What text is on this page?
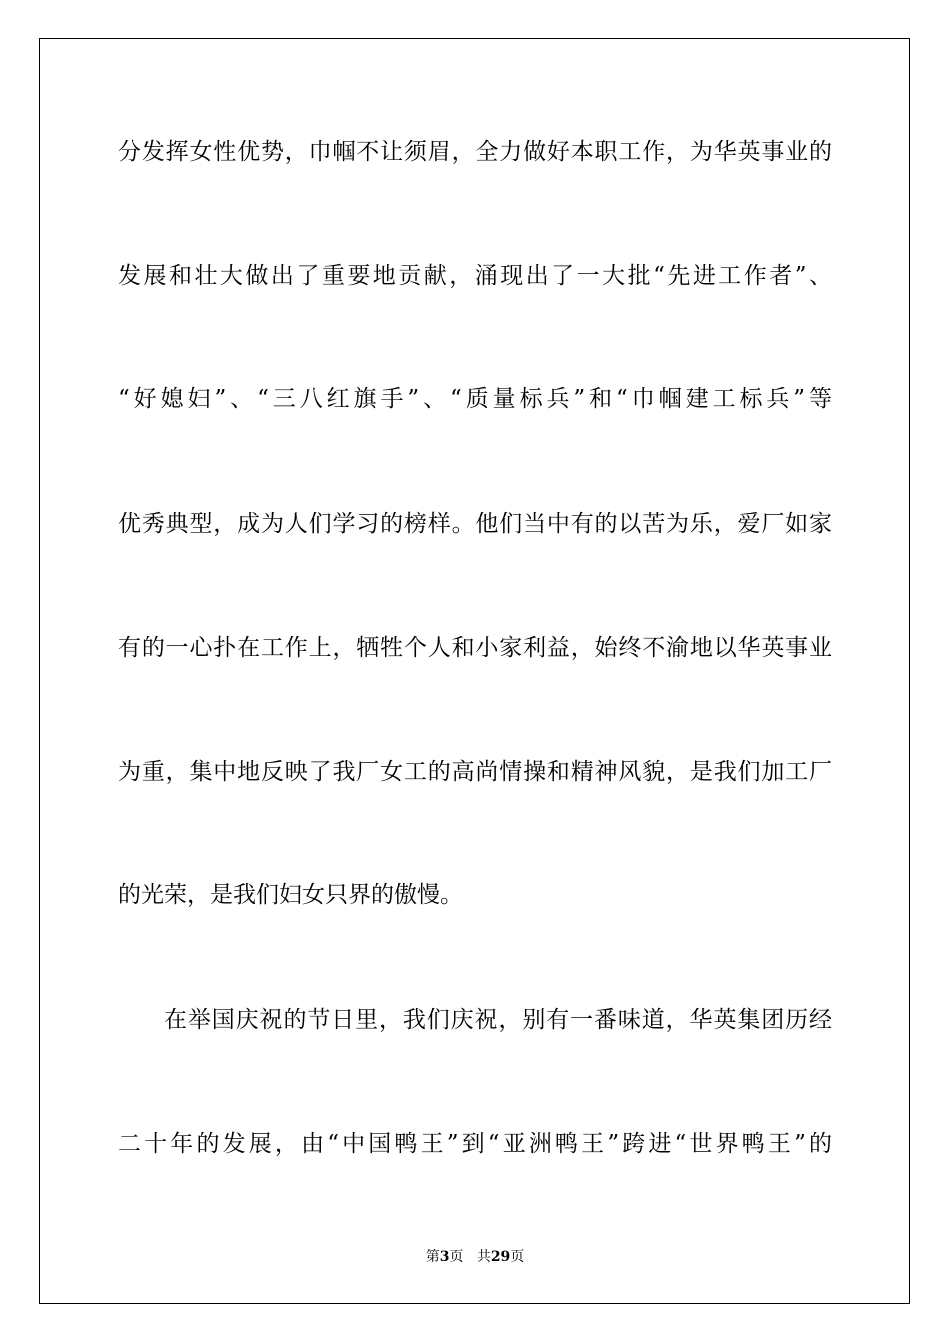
分发挥女性优势，巾帼不让须眉，全力做好本职工作，为华英事业的
发展和壮大做出了重要地贡献，涌现出了一大批“先进工作者”、
“好媳妇”、“三八红旗手”、“质量标兵”和“巾帼建工标兵”等
优秀典型，成为人们学习的榜样。他们当中有的以苦为乐，爱厂如家
有的一心扑在工作上，牺牲个人和小家利益，始终不渝地以华英事业
为重，集中地反映了我厂女工的高尚情操和精神风貌，是我们加工厂
的光荣，是我们妇女只界的傲慢。
在举国庆祝的节日里，我们庆祝，别有一番味道，华英集团历经
二十年的发展，由“中国鸭王”到“亚洲鸭王”跨进“世界鸭王”的
第3页 共29页
